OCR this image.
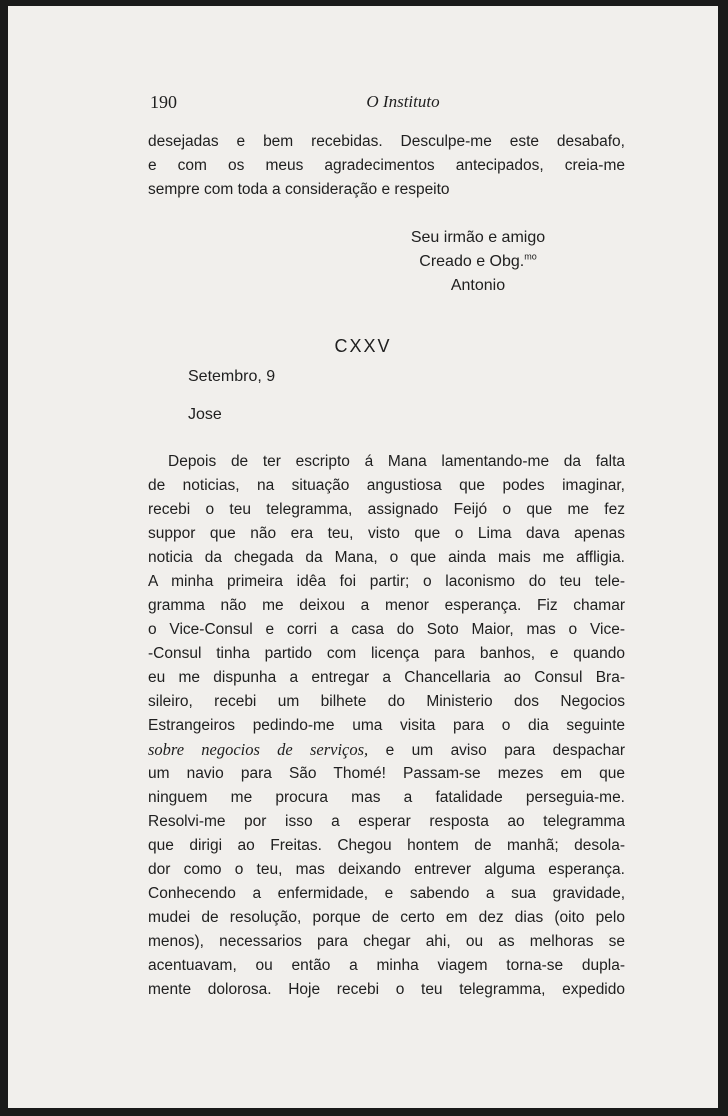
190	O Instituto
desejadas e bem recebidas. Desculpe-me este desabafo,
e com os meus agradecimentos antecipados, creia-me
sempre com toda a consideração e respeito
Seu irmão e amigo
Creado e Obg.$^{mo}$
Antonio
CXXV
Setembro, 9
Jose
Depois de ter escripto á Mana lamentando-me da falta
de noticias, na situação angustiosa que podes imaginar,
recebi o teu telegramma, assignado Feijó o que me fez
suppor que não era teu, visto que o Lima dava apenas
noticia da chegada da Mana, o que ainda mais me affligia.
A minha primeira idêa foi partir; o laconismo do teu tele-
gramma não me deixou a menor esperança. Fiz chamar
o Vice-Consul e corri a casa do Soto Maior, mas o Vice-
-Consul tinha partido com licença para banhos, e quando
eu me dispunha a entregar a Chancellaria ao Consul Bra-
sileiro, recebi um bilhete do Ministerio dos Negocios
Estrangeiros pedindo-me uma visita para o dia seguinte
sobre negocios de serviços, e um aviso para despachar
um navio para São Thomé! Passam-se mezes em que
ninguem me procura mas a fatalidade perseguia-me.
Resolvi-me por isso a esperar resposta ao telegramma
que dirigi ao Freitas. Chegou hontem de manhã; desola-
dor como o teu, mas deixando entrever alguma esperança.
Conhecendo a enfermidade, e sabendo a sua gravidade,
mudei de resolução, porque de certo em dez dias (oito pelo
menos), necessarios para chegar ahi, ou as melhoras se
acentuavam, ou então a minha viagem torna-se dupla-
mente dolorosa. Hoje recebi o teu telegramma, expedido
